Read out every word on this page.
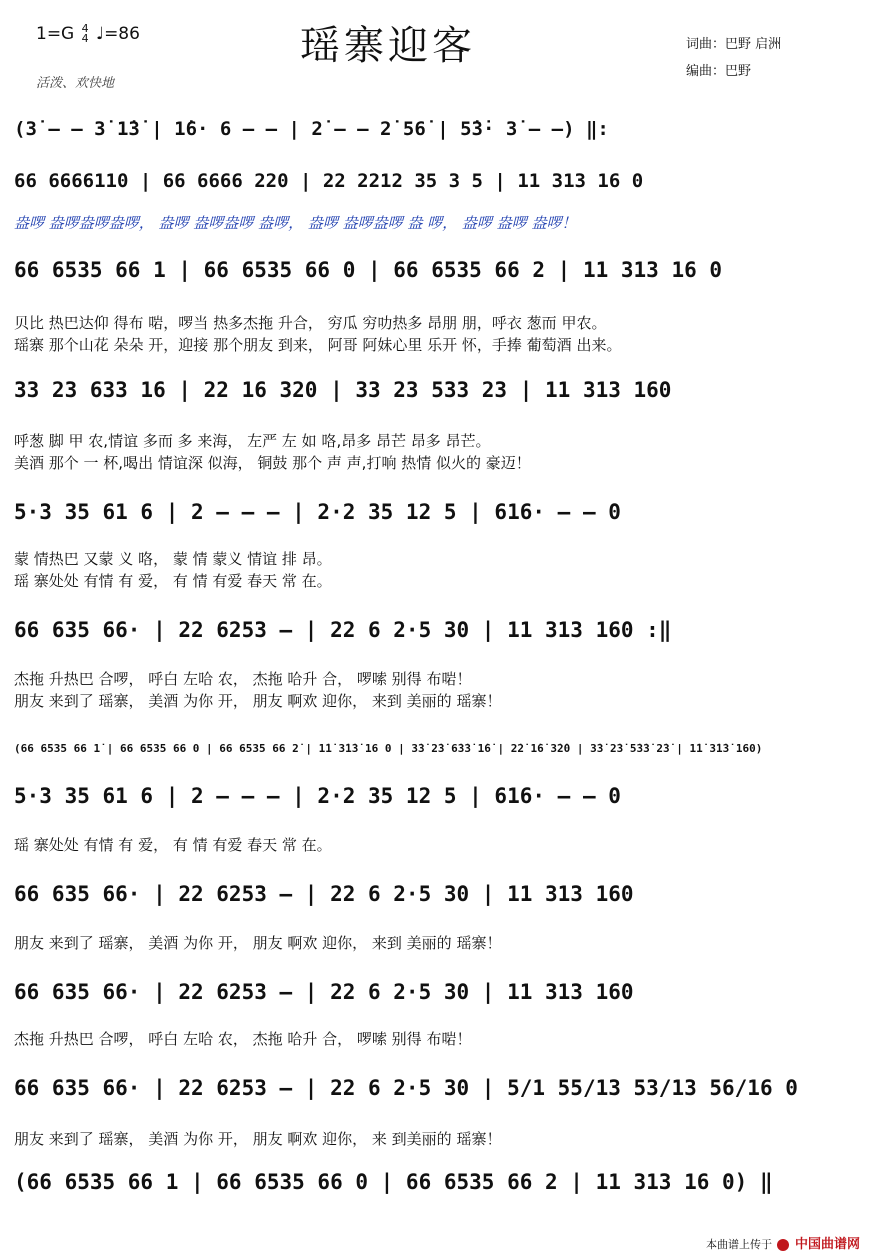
1=G 4
4 ♩=86	瑶寨迎客
活泼、欢快地
词曲：巴野 启洲
编曲：巴野
(3̇ – – 3̇ 1̇3̇ | 1̇6· 6 – – | 2̇ – – 2̇ 56̇ | 5̇3̇· 3̇ – –) ‖:
66 6666110 | 66 6666 220 | 22 2212 35 3 5 | 11 313 16 0
盎啰 盎啰盎啰盎啰， 盎啰 盎啰盎啰 盎啰， 盎啰 盎啰盎啰 盎 啰， 盎啰 盎啰 盎啰！
66 6535 66 1 | 66 6535 66 0 | 66 6535 66 2 | 11 313 16 0
贝比 热巴达仰 得布 啱，啰当 热多杰拖 升合， 穷瓜 穷叻热多 昂朋 朋，呼衣 葱而 甲农。
瑶寨 那个山花 朵朵 开，迎接 那个朋友 到来， 阿哥 阿妹心里 乐开 怀，手捧 葡萄酒 出来。
33 23 633 16 | 22 16 320 | 33 23 533 23 | 11 313 160
呼葱 脚 甲 农,情谊 多而 多 来海， 左严 左 如 咯,昂多 昂芒 昂多 昂芒。
美酒 那个 一 杯,喝出 情谊深 似海， 铜鼓 那个 声 声,打响 热情 似火的 豪迈！
5·3 35 61 6 | 2 – – – | 2·2 35 12 5 | 616· – – 0
蒙 情热巴 又蒙 义 咯， 蒙 情 蒙义 情谊 排 昂。
瑶 寨处处 有情 有 爱， 有 情 有爱 春天 常 在。
66 635 66· | 22 6253 – | 22 6 2·5 30 | 11 313 160 :‖
杰拖 升热巴 合啰， 呼白 左哈 农， 杰拖 哈升 合， 啰嗦 别得 布啱！
朋友 来到了 瑶寨， 美酒 为你 开， 朋友 啊欢 迎你， 来到 美丽的 瑶寨！
(66 6535 66 1̇ | 66 6535 66 0 | 66 6535 66 2̇ | 1̇1̇ 3̇1̇3̇ 16 0 | 3̇3̇ 2̇3̇ 6̇3̇3̇ 1̇6̇ | 2̇2̇ 1̇6̇ 3̇2̇0 | 3̇3̇ 2̇3̇ 5̇3̇3̇ 2̇3̇ | 1̇1̇ 3̇1̇3̇ 160)
5·3 35 61 6 | 2 – – – | 2·2 35 12 5 | 616· – – 0
瑶 寨处处 有情 有 爱， 有 情 有爱 春天 常 在。
66 635 66· | 22 6253 – | 22 6 2·5 30 | 11 313 160
朋友 来到了 瑶寨， 美酒 为你 开， 朋友 啊欢 迎你， 来到 美丽的 瑶寨！
66 635 66· | 22 6253 – | 22 6 2·5 30 | 11 313 160
杰拖 升热巴 合啰， 呼白 左哈 农， 杰拖 哈升 合， 啰嗦 别得 布啱！
66 635 66· | 22 6253 – | 22 6 2·5 30 | 5/1 55/13 53/13 56/16 0
朋友 来到了 瑶寨， 美酒 为你 开， 朋友 啊欢 迎你， 来 到美丽的 瑶寨！
(66 6535 66 1 | 66 6535 66 0 | 66 6535 66 2 | 11 313 16 0) ‖
本曲谱上传于 中国曲谱网
